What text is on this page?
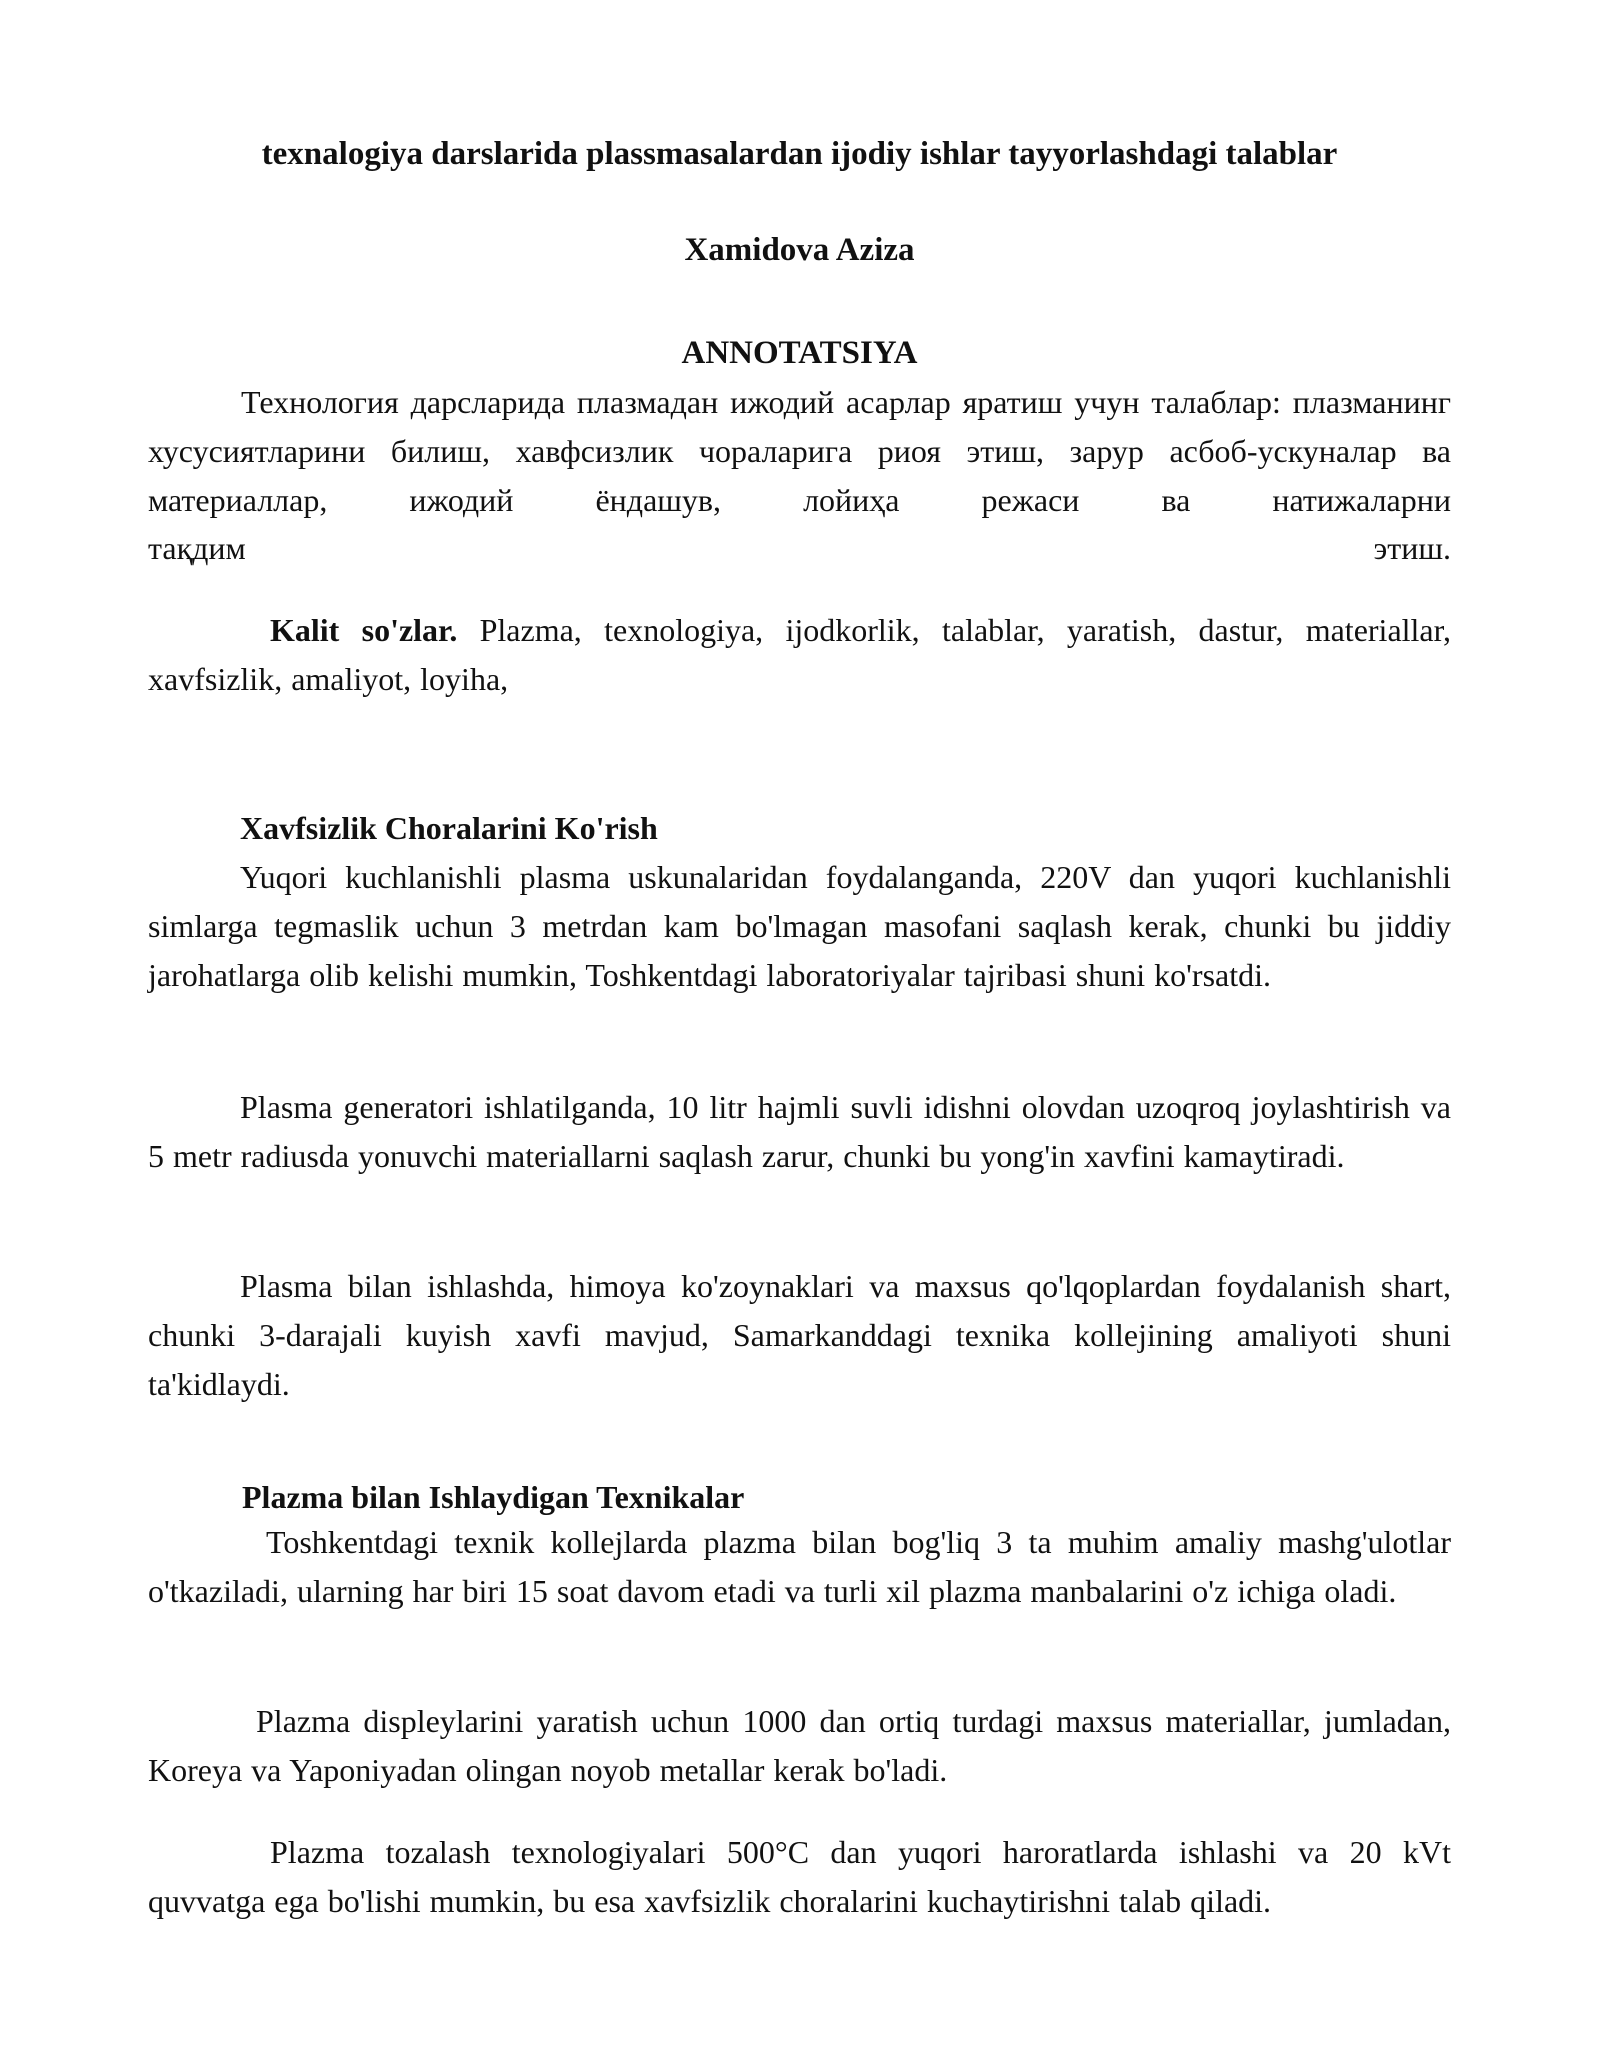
texnalogiya darslarida plassmasalardan ijodiy ishlar tayyorlashdagi talablar
Xamidova Aziza
ANNOTATSIYA

Технология дарсларида плазмадан ижодий асарлар яратиш учун талаблар: плазманинг хусусиятларини билиш, хавфсизлик чораларига риоя этиш, зарур асбоб-ускуналар ва материаллар, ижодий ёндашув, лойиҳа режаси ва натижаларни

тақдим	этиш.

Kalit so'zlar. Plazma, texnologiya, ijodkorlik, talablar, yaratish, dastur, materiallar, xavfsizlik, amaliyot, loyiha,

Xavfsizlik Choralarini Ko'rish

Yuqori kuchlanishli plasma uskunalaridan foydalanganda, 220V dan yuqori kuchlanishli simlarga tegmaslik uchun 3 metrdan kam bo'lmagan masofani saqlash kerak, chunki bu jiddiy jarohatlarga olib kelishi mumkin, Toshkentdagi laboratoriyalar tajribasi shuni ko'rsatdi.

Plasma generatori ishlatilganda, 10 litr hajmli suvli idishni olovdan uzoqroq joylashtirish va 5 metr radiusda yonuvchi materiallarni saqlash zarur, chunki bu yong'in xavfini kamaytiradi.

Plasma bilan ishlashda, himoya ko'zoynaklari va maxsus qo'lqoplardan foydalanish shart, chunki 3-darajali kuyish xavfi mavjud, Samarkanddagi texnika kollejining amaliyoti shuni ta'kidlaydi.

Plazma bilan Ishlaydigan Texnikalar

Toshkentdagi texnik kollejlarda plazma bilan bog'liq 3 ta muhim amaliy mashg'ulotlar o'tkaziladi, ularning har biri 15 soat davom etadi va turli xil plazma manbalarini o'z ichiga oladi.

Plazma displeylarini yaratish uchun 1000 dan ortiq turdagi maxsus materiallar, jumladan, Koreya va Yaponiyadan olingan noyob metallar kerak bo'ladi.

Plazma tozalash texnologiyalari 500°C dan yuqori haroratlarda ishlashi va 20 kVt quvvatga ega bo'lishi mumkin, bu esa xavfsizlik choralarini kuchaytirishni talab qiladi.
